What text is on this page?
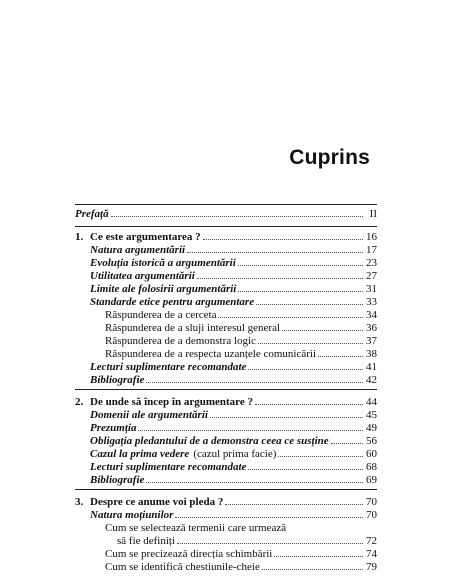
Cuprins
Prefață	II
1. Ce este argumentarea ?	16
Natura argumentării	17
Evoluția istorică a argumentării	23
Utilitatea argumentării	27
Limite ale folosirii argumentării	31
Standarde etice pentru argumentare	33
Răspunderea de a cerceta	34
Răspunderea de a sluji interesul general	36
Răspunderea de a demonstra logic	37
Răspunderea de a respecta uzanțele comunicării	38
Lecturi suplimentare recomandate	41
Bibliografie	42
2. De unde să încep în argumentare ?	44
Domenii ale argumentării	45
Prezumția	49
Obligația pledantului de a demonstra ceea ce susține	56
Cazul la prima vedere (cazul prima facie)	60
Lecturi suplimentare recomandate	68
Bibliografie	69
3. Despre ce anume voi pleda ?	70
Natura moțiunilor	70
Cum se selectează termenii care urmează
să fie definiți	72
Cum se precizează direcția schimbării	74
Cum se identifică chestiunile-cheie	79
